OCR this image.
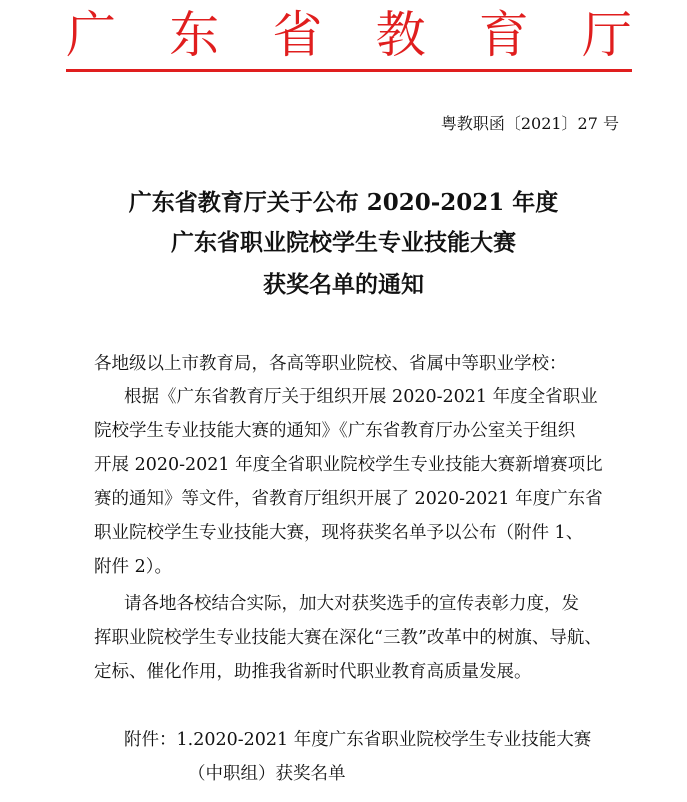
广 东 省 教 育 厅
粤教职函〔2021〕27 号
广东省教育厅关于公布 2020-2021 年度
广东省职业院校学生专业技能大赛
获奖名单的通知
各地级以上市教育局，各高等职业院校、省属中等职业学校：
根据《广东省教育厅关于组织开展 2020-2021 年度全省职业
院校学生专业技能大赛的通知》《广东省教育厅办公室关于组织
开展 2020-2021 年度全省职业院校学生专业技能大赛新增赛项比
赛的通知》等文件，省教育厅组织开展了 2020-2021 年度广东省
职业院校学生专业技能大赛，现将获奖名单予以公布（附件 1、
附件 2）。
请各地各校结合实际，加大对获奖选手的宣传表彰力度，发
挥职业院校学生专业技能大赛在深化“三教”改革中的树旗、导航、
定标、催化作用，助推我省新时代职业教育高质量发展。
附件：1.2020-2021 年度广东省职业院校学生专业技能大赛
（中职组）获奖名单
